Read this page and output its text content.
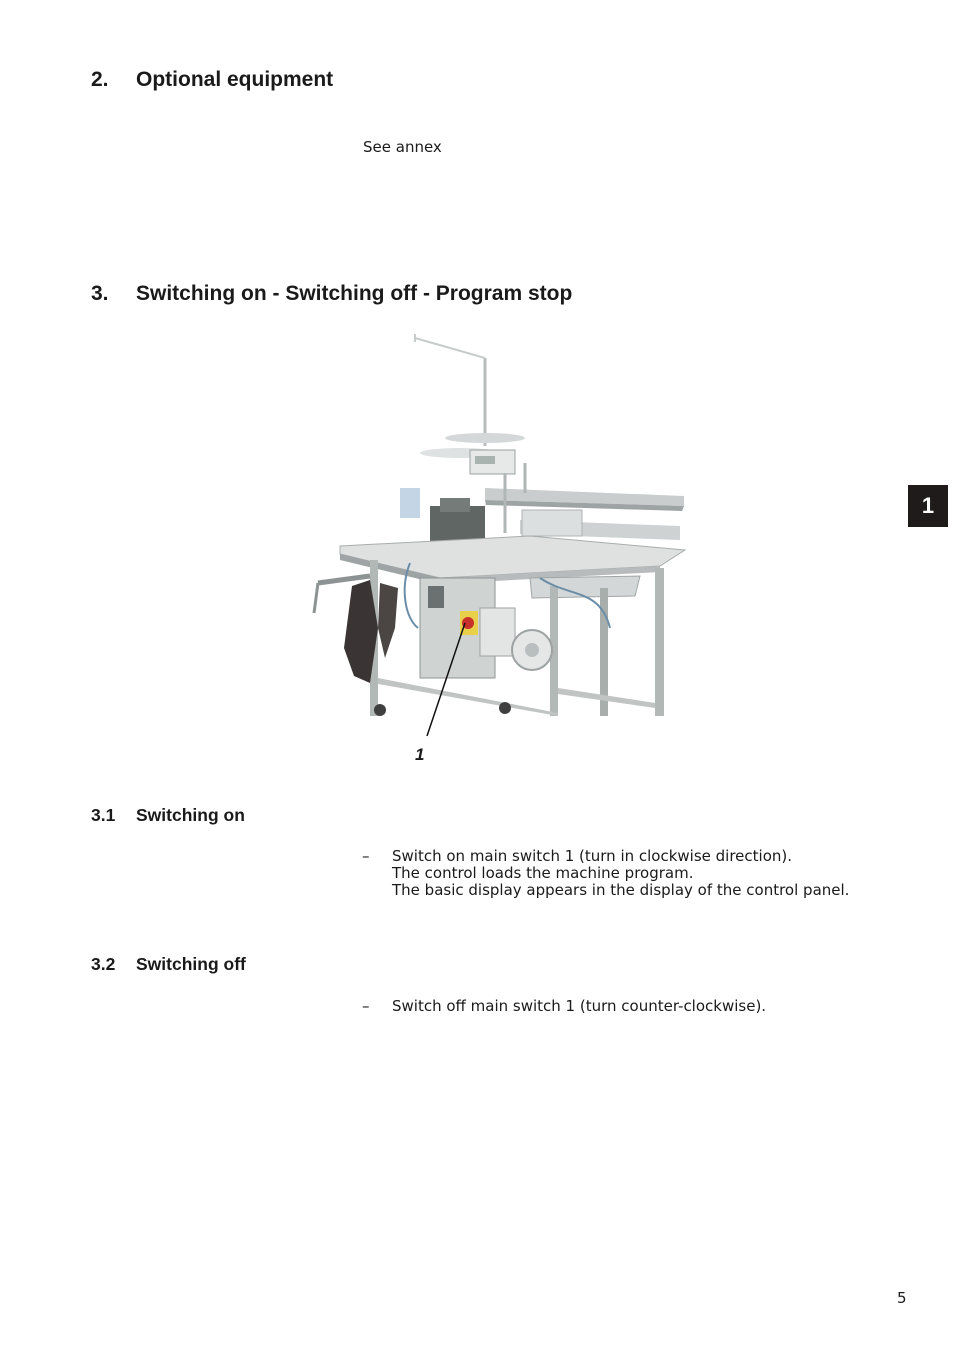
2. Optional equipment
See annex
3. Switching on - Switching off - Program stop
1
3.1 Switching on
– Switch on main switch 1 (turn in clockwise direction).
The control loads the machine program.
The basic display appears in the display of the control panel.
3.2 Switching off
– Switch off main switch 1 (turn counter-clockwise).
1
5
